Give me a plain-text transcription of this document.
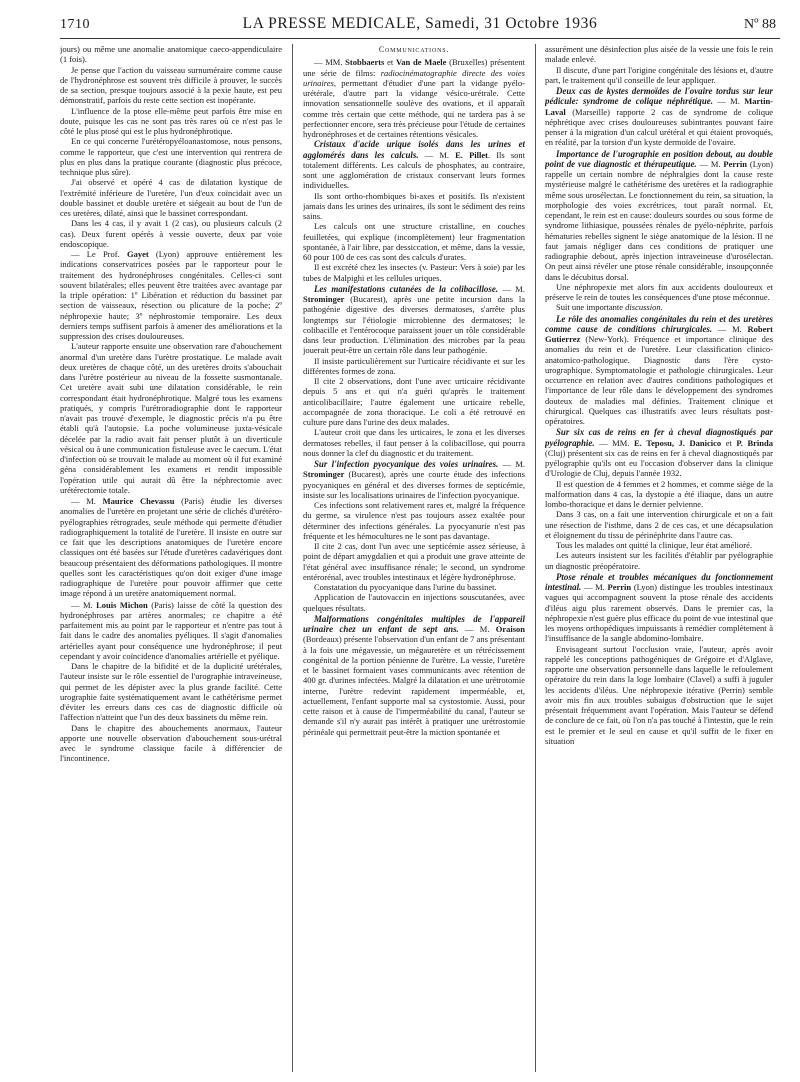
1710	LA PRESSE MEDICALE, Samedi, 31 Octobre 1936	Nº 88

jours) ou même une anomalie anatomique caeco-appendiculaire (1 fois).

Je pense que l'action du vaisseau surnuméraire comme cause de l'hydronéphrose est souvent très difficile à prouver, le succès de sa section, presque toujours associé à la pexie haute, est peu démonstratif, parfois du reste cette section est inopérante.

L'influence de la ptose elle-même peut parfois être mise en doute, puisque les cas ne sont pas très rares où ce n'est pas le côté le plus ptosé qui est le plus hydronéphrotique.

En ce qui concerne l'urétéropyéloanastomose, nous pensons, comme le rapporteur, que c'est une intervention qui rentrera de plus en plus dans la pratique courante (diagnostic plus précoce, technique plus sûre).

J'ai observé et opéré 4 cas de dilatation kystique de l'extrémité inférieure de l'uretère, l'un d'eux coïncidait avec un double bassinet et double uretère et siégeait au bout de l'un de ces uretères, dilaté, ainsi que le bassinet correspondant.

Dans les 4 cas, il y avait 1 (2 cas), ou plusieurs calculs (2 cas). Deux furent opérés à vessie ouverte, deux par voie endoscopique.

— Le Prof. Gayet (Lyon) approuve entièrement les indications conservatrices posées par le rapporteur pour le traitement des hydronéphroses congénitales. Celles-ci sont souvent bilatérales; elles peuvent être traitées avec avantage par la triple opération: 1º Libération et réduction du bassinet par section de vaisseaux, résection ou plicature de la poche; 2º néphropexie haute; 3º néphrostomie temporaire. Les deux derniers temps suffisent parfois à amener des améliorations et la suppression des crises douloureuses.

L'auteur rapporte ensuite une observation rare d'abouchement anormal d'un uretère dans l'urètre prostatique. Le malade avait deux uretères de chaque côté, un des uretères droits s'abouchait dans l'urètre postérieur au niveau de la fossette susmontanale. Cet uretère avait subi une dilatation considérable, le rein correspondant était hydronéphrotique. Malgré tous les examens pratiqués, y compris l'urétroradiographie dont le rapporteur n'avait pas trouvé d'exemple, le diagnostic précis n'a pu être établi qu'à l'autopsie. La poche volumineuse juxta-vésicale décelée par la radio avait fait penser plutôt à un diverticule vésical ou à une communication fistuleuse avec le caecum. L'état d'infection où se trouvait le malade au moment où il fut examiné géna considérablement les examens et rendit impossible l'opération utile qui aurait dû être la néphrectomie avec urétérectomie totale.

— M. Maurice Chevassu (Paris) étudie les diverses anomalies de l'uretère en projetant une série de clichés d'urétéro-pyélographies rétrogrades, seule méthode qui permette d'étudier radiographiquement la totalité de l'uretère. Il insiste en outre sur ce fait que les descriptions anatomiques de l'uretère encore classiques ont été basées sur l'étude d'uretères cadavériques dont beaucoup présentaient des déformations pathologiques. Il montre quelles sont les caractéristiques qu'on doit exiger d'une image radiographique de l'uretère pour pouvoir affirmer que cette image répond à un uretère anatomiquement normal.

— M. Louis Michon (Paris) laisse de côté la question des hydronéphroses par artères anormales; ce chapitre a été parfaitement mis au point par le rapporteur et n'entre pas tout à fait dans le cadre des anomalies pyéliques. Il s'agit d'anomalies artérielles ayant pour conséquence une hydronéphrose; il peut cependant y avoir coïncidence d'anomalies artérielle et pyélique.

Dans le chapitre de la bifidité et de la duplicité urétérales, l'auteur insiste sur le rôle essentiel de l'urographie intraveineuse, qui permet de les dépister avec la plus grande facilité. Cette urographie faite systématiquement avant le cathétérisme permet d'éviter les erreurs dans ces cas de diagnostic difficile où l'affection n'atteint que l'un des deux bassinets du même rein.

Dans le chapitre des abouchements anormaux, l'auteur apporte une nouvelle observation d'abouchement sous-urétral avec le syndrome classique facile à différencier de l'incontinence.

Communications.

— MM. Stobbaerts et Van de Maele (Bruxelles) présentent une série de films: radiocinématographie directe des voies urinaires, permettant d'étudier d'une part la vidange pyélo-urétérale, d'autre part la vidange vésico-urétrale. Cette innovation sensationnelle soulève des ovations, et il apparaît comme très certain que cette méthode, qui ne tardera pas à se perfectionner encore, sera très précieuse pour l'étude de certaines hydronéphroses et de certaines rétentions vésicales.

Cristaux d'acide urique isolés dans les urines et agglomérés dans les calculs. — M. E. Pillet. Ils sont totalement différents. Les calculs de phosphates, au contraire, sont une agglomération de cristaux conservant leurs formes individuelles.

Ils sont ortho-rhombiques bi-axes et positifs. Ils n'existent jamais dans les urines des urinaires, ils sont le sédiment des reins sains.

Les calculs ont une structure cristalline, en couches feuilletées, qui explique (incomplètement) leur fragmentation spontanée, à l'air libre, par dessiccation, et même, dans la vessie, 60 pour 100 de ces cas sont des calculs d'urates.

Il est excrété chez les insectes (v. Pasteur: Vers à soie) par les tubes de Malpighi et les cellules uriques.

Les manifestations cutanées de la colibacillose. — M. Strominger (Bucarest), après une petite incursion dans la pathogénie digestive des diverses dermatoses, s'arrête plus longtemps sur l'étiologie microbienne des dermatoses; le colibacille et l'entérocoque paraissent jouer un rôle considérable dans leur production. L'élimination des microbes par la peau jouerait peut-être un certain rôle dans leur pathogénie.

Il insiste particulièrement sur l'urticaire récidivante et sur les différentes formes de zona.

Il cite 2 observations, dont l'une avec urticaire récidivante depuis 5 ans et qui n'a guéri qu'après le traitement anticolibacillaire; l'autre également une urticaire rebelle, accompagnée de zona thoracique. Le coli a été retrouvé en culture pure dans l'urine des deux malades.

L'auteur croit que dans les urticaires, le zona et les diverses dermatoses rebelles, il faut penser à la colibacillose, qui pourra nous donner la clef du diagnostic et du traitement.

Sur l'infection pyocyanique des voies urinaires. — M. Strominger (Bucarest), après une courte étude des infections pyocyaniques en général et des diverses formes de septicémie, insiste sur les localisations urinaires de l'infection pyocyanique.

Ces infections sont relativement rares et, malgré la fréquence du germe, sa virulence n'est pas toujours assez exaltée pour déterminer des infections générales. La pyocyanurie n'est pas fréquente et les hémocultures ne le sont pas davantage.

Il cite 2 cas, dont l'un avec une septicémie assez sérieuse, à point de départ amygdalien et qui a produit une grave atteinte de l'état général avec insuffisance rénale; le second, un syndrome entérorénal, avec troubles intestinaux et légère hydronéphrose.

Constatation du pyocyanique dans l'urine du bassinet.

Application de l'autovaccin en injections souscutanées, avec quelques résultats.

Malformations congénitales multiples de l'appareil urinaire chez un enfant de sept ans. — M. Oraison (Bordeaux) présente l'observation d'un enfant de 7 ans présentant à la fois une mégavessie, un mégauretère et un rétrécissement congénital de la portion pénienne de l'urètre. La vessie, l'uretère et le bassinet formaient vases communicants avec rétention de 400 gr. d'urines infectées. Malgré la dilatation et une urétrotomie interne, l'urètre redevint rapidement imperméable, et, actuellement, l'enfant supporte mal sa cystostomie. Aussi, pour cette raison et à cause de l'imperméabilité du canal, l'auteur se demande s'il n'y aurait pas intérêt à pratiquer une urétrostomie périnéale qui permettrait peut-être la miction spontanée et

assurément une désinfection plus aisée de la vessie une fois le rein malade enlevé.

Il discute, d'une part l'origine congénitale des lésions et, d'autre part, le traitement qu'il conseille de leur appliquer.

Deux cas de kystes dermoïdes de l'ovaire tordus sur leur pédicule: syndrome de colique néphrétique. — M. Martin-Laval (Marseille) rapporte 2 cas de syndrome de colique néphrétique avec crises douloureuses subintrantes pouvant faire penser à la migration d'un calcul urétéral et qui étaient provoqués, en réalité, par la torsion d'un kyste dermoïde de l'ovaire.

Importance de l'urographie en position debout, au double point de vue diagnostic et thérapeutique. — M. Perrin (Lyon) rappelle un certain nombre de néphralgies dont la cause reste mystérieuse malgré le cathétérisme des uretères et la radiographie même sous urosélectan. Le fonctionnement du rein, sa situation, la morphologie des voies excrétrices, tout paraît normal. Et, cependant, le rein est en cause: douleurs sourdes ou sous forme de syndrome lithiasique, poussées rénales de pyélo-néphrite, parfois hématuries rebelles signent le siège anatomique de la lésion. Il ne faut jamais négliger dans ces conditions de pratiquer une radiographie debout, après injection intraveineuse d'urosélectan. On peut ainsi révéler une ptose rénale considérable, insoupçonnée dans le décubitus dorsal.

Une néphropexie met alors fin aux accidents douloureux et préserve le rein de toutes les conséquences d'une ptose méconnue.

Suit une importante discussion.

Le rôle des anomalies congénitales du rein et des uretères comme cause de conditions chirurgicales. — M. Robert Gutierrez (New-York). Fréquence et importance clinique des anomalies du rein et de l'uretère. Leur classification clinico-anatomico-pathologique. Diagnostic dans l'ère cysto-urographique. Symptomatologie et pathologie chirurgicales. Leur occurrence en relation avec d'autres conditions pathologiques et l'importance de leur rôle dans le développement des syndromes douteux de maladies mal définies. Traitement clinique et chirurgical. Quelques cas illustratifs avec leurs résultats post-opératoires.

Sur six cas de reins en fer à cheval diagnostiqués par pyélographie. — MM. E. Teposu, J. Danicico et P. Brinda (Cluj) présentent six cas de reins en fer à cheval diagnostiqués par pyélographie qu'ils ont eu l'occasion d'observer dans la clinique d'Urologie de Cluj, depuis l'année 1932.

Il est question de 4 femmes et 2 hommes, et comme siège de la malformation dans 4 cas, la dystopie a été iliaque, dans un autre lombo-thoracique et dans le dernier pelvienne.

Dans 3 cas, on a fait une intervention chirurgicale et on a fait une résection de l'isthme, dans 2 de ces cas, et une décapsulation et éloignement du tissu de périnéphrite dans l'autre cas.

Tous les malades ont quitté la clinique, leur état amélioré.

Les auteurs insistent sur les facilités d'établir par pyélographie un diagnostic préopératoire.

Ptose rénale et troubles mécaniques du fonctionnement intestinal. — M. Perrin (Lyon) distingue les troubles intestinaux vagues qui accompagnent souvent la ptose rénale des accidents d'iléus aigu plus rarement observés. Dans le premier cas, la néphropexie n'est guère plus efficace du point de vue intestinal que les moyens orthopédiques impuissants à remédier complètement à l'insuffisance de la sangle abdomino-lombaire.

Envisageant surtout l'occlusion vraie, l'auteur, après avoir rappelé les conceptions pathogéniques de Grégoire et d'Alglave, rapporte une observation personnelle dans laquelle le refoulement opératoire du rein dans la loge lombaire (Clavel) a suffi à juguler les accidents d'iléus. Une néphropexie itérative (Perrin) semble avoir mis fin aux troubles subaigus d'obstruction que le sujet présentait fréquemment avant l'opération. Mais l'auteur se défend de conclure de ce fait, où l'on n'a pas touché à l'intestin, que le rein est le premier et le seul en cause et qu'il suffit de le fixer en situation
